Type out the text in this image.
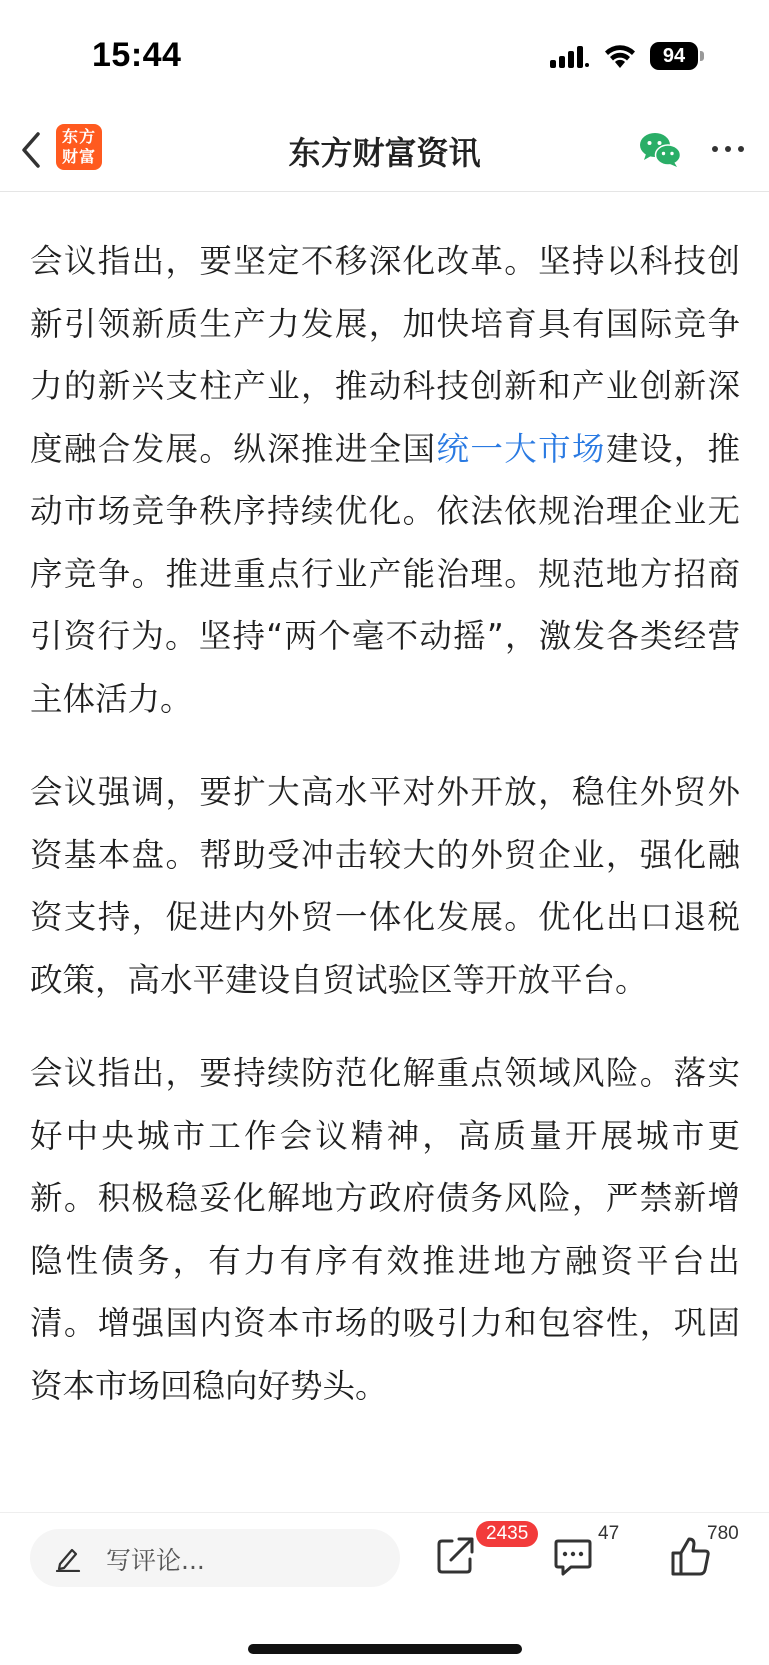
15:44	94
东方
财富	东方财富资讯

会议指出，要坚定不移深化改革。坚持以科技创新引领新质生产力发展，加快培育具有国际竞争力的新兴支柱产业，推动科技创新和产业创新深度融合发展。纵深推进全国统一大市场建设，推动市场竞争秩序持续优化。依法依规治理企业无序竞争。推进重点行业产能治理。规范地方招商引资行为。坚持“两个毫不动摇”，激发各类经营主体活力。

会议强调，要扩大高水平对外开放，稳住外贸外资基本盘。帮助受冲击较大的外贸企业，强化融资支持，促进内外贸一体化发展。优化出口退税政策，高水平建设自贸试验区等开放平台。

会议指出，要持续防范化解重点领域风险。落实好中央城市工作会议精神，高质量开展城市更新。积极稳妥化解地方政府债务风险，严禁新增隐性债务，有力有序有效推进地方融资平台出清。增强国内资本市场的吸引力和包容性，巩固资本市场回稳向好势头。

写评论...
2435	47	780
